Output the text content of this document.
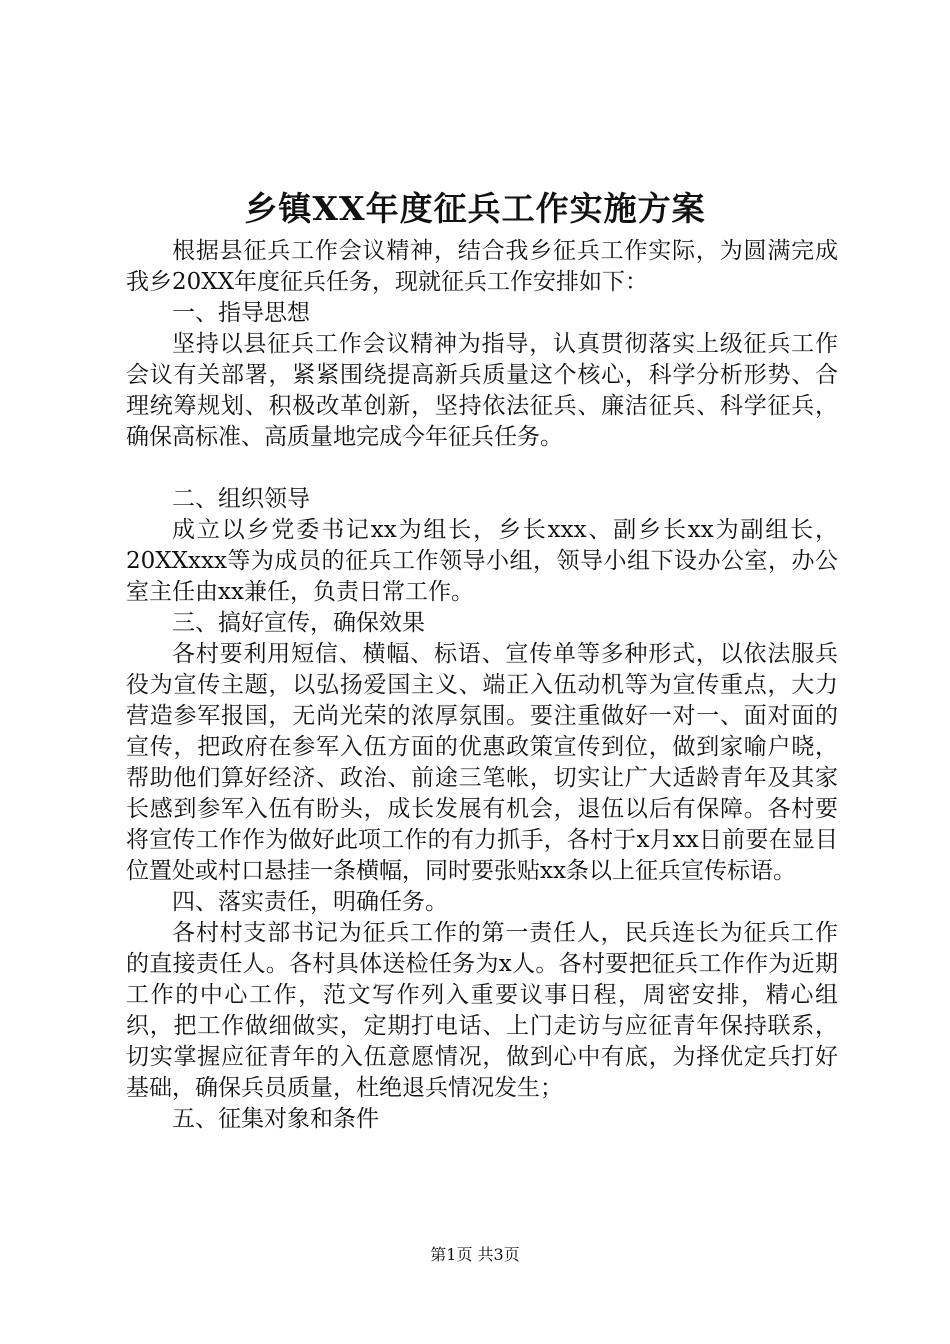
乡镇XX年度征兵工作实施方案

根据县征兵工作会议精神，结合我乡征兵工作实际，为圆满完成我乡20XX年度征兵任务，现就征兵工作安排如下：

一、指导思想

坚持以县征兵工作会议精神为指导，认真贯彻落实上级征兵工作会议有关部署，紧紧围绕提高新兵质量这个核心，科学分析形势、合理统筹规划、积极改革创新，坚持依法征兵、廉洁征兵、科学征兵，确保高标准、高质量地完成今年征兵任务。

二、组织领导

成立以乡党委书记xx为组长，乡长xxx、副乡长xx为副组长，20XXxxx等为成员的征兵工作领导小组，领导小组下设办公室，办公室主任由xx兼任，负责日常工作。

三、搞好宣传，确保效果

各村要利用短信、横幅、标语、宣传单等多种形式，以依法服兵役为宣传主题，以弘扬爱国主义、端正入伍动机等为宣传重点，大力营造参军报国，无尚光荣的浓厚氛围。要注重做好一对一、面对面的宣传，把政府在参军入伍方面的优惠政策宣传到位，做到家喻户晓，帮助他们算好经济、政治、前途三笔帐，切实让广大适龄青年及其家长感到参军入伍有盼头，成长发展有机会，退伍以后有保障。各村要将宣传工作作为做好此项工作的有力抓手，各村于x月xx日前要在显目位置处或村口悬挂一条横幅，同时要张贴xx条以上征兵宣传标语。

四、落实责任，明确任务。

各村村支部书记为征兵工作的第一责任人，民兵连长为征兵工作的直接责任人。各村具体送检任务为x人。各村要把征兵工作作为近期工作的中心工作，范文写作列入重要议事日程，周密安排，精心组织，把工作做细做实，定期打电话、上门走访与应征青年保持联系，切实掌握应征青年的入伍意愿情况，做到心中有底，为择优定兵打好基础，确保兵员质量，杜绝退兵情况发生；

五、征集对象和条件

第1页 共3页
